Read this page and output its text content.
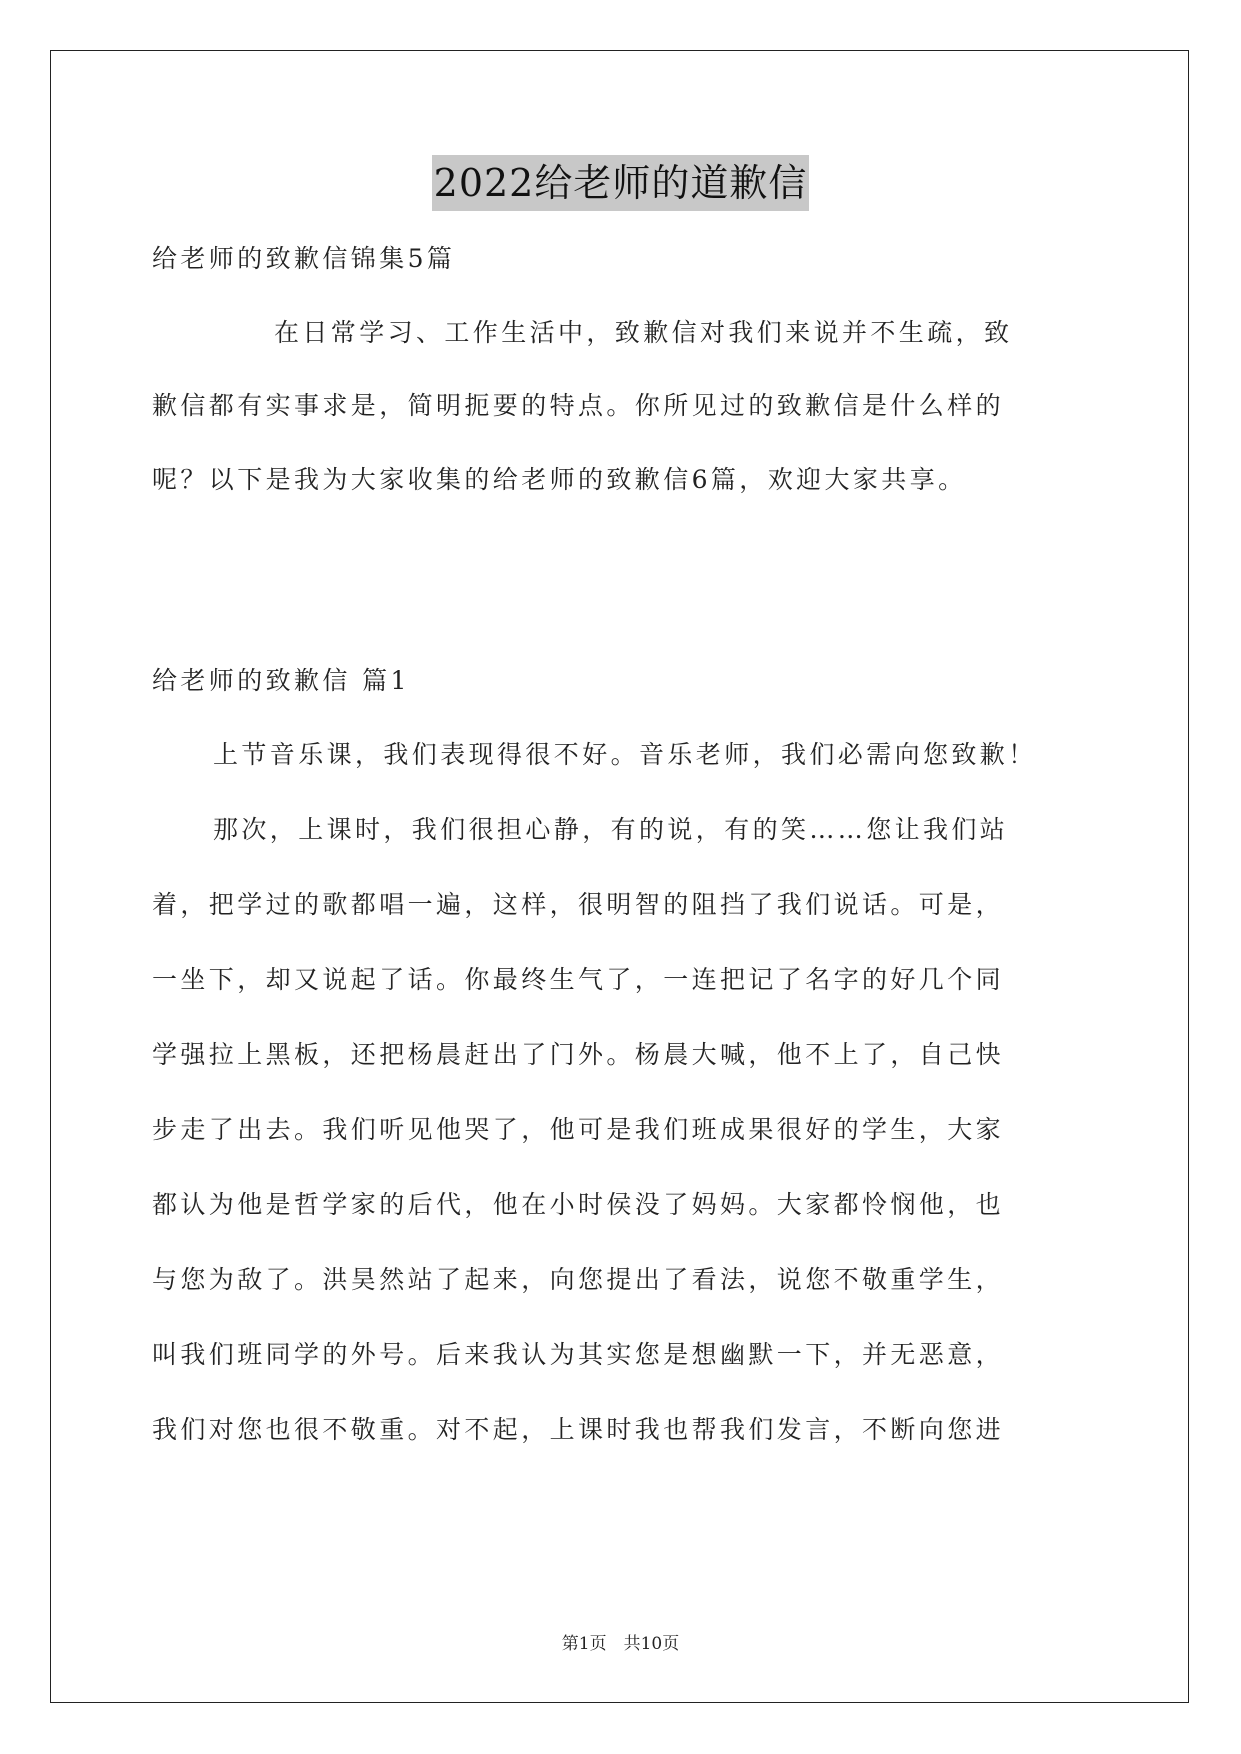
2022给老师的道歉信
给老师的致歉信锦集5篇
在日常学习、工作生活中，致歉信对我们来说并不生疏，致
歉信都有实事求是，简明扼要的特点。你所见过的致歉信是什么样的
呢？以下是我为大家收集的给老师的致歉信6篇，欢迎大家共享。
给老师的致歉信 篇1
上节音乐课，我们表现得很不好。音乐老师，我们必需向您致歉！
那次，上课时，我们很担心静，有的说，有的笑……您让我们站
着，把学过的歌都唱一遍，这样，很明智的阻挡了我们说话。可是，
一坐下，却又说起了话。你最终生气了，一连把记了名字的好几个同
学强拉上黑板，还把杨晨赶出了门外。杨晨大喊，他不上了，自己快
步走了出去。我们听见他哭了，他可是我们班成果很好的学生，大家
都认为他是哲学家的后代，他在小时侯没了妈妈。大家都怜悯他，也
与您为敌了。洪昊然站了起来，向您提出了看法，说您不敬重学生，
叫我们班同学的外号。后来我认为其实您是想幽默一下，并无恶意，
我们对您也很不敬重。对不起，上课时我也帮我们发言，不断向您进
第1页　共10页
